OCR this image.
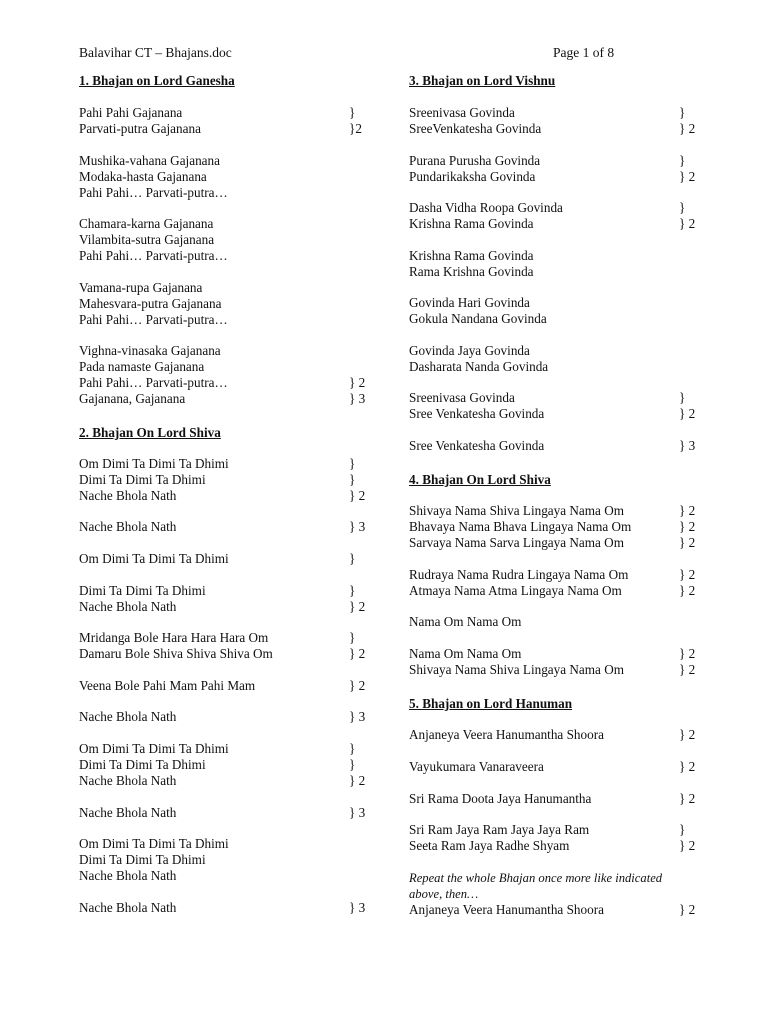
Balavihar CT – Bhajans.doc	Page 1 of 8
1. Bhajan on Lord Ganesha
Pahi Pahi Gajanana	}
Parvati-putra Gajanana	}2
Mushika-vahana Gajanana
Modaka-hasta Gajanana
Pahi Pahi… Parvati-putra…
Chamara-karna Gajanana
Vilambita-sutra Gajanana
Pahi Pahi… Parvati-putra…
Vamana-rupa Gajanana
Mahesvara-putra Gajanana
Pahi Pahi… Parvati-putra…
Vighna-vinasaka Gajanana
Pada namaste Gajanana
Pahi Pahi… Parvati-putra…	} 2
Gajanana, Gajanana	} 3
2. Bhajan On Lord Shiva
Om Dimi Ta Dimi Ta Dhimi	}
Dimi Ta Dimi Ta Dhimi	}
Nache Bhola Nath	} 2
Nache Bhola Nath	} 3
Om Dimi Ta Dimi Ta Dhimi	}
Dimi Ta Dimi Ta Dhimi	}
Nache Bhola Nath	} 2
Mridanga Bole Hara Hara Hara Om	}
Damaru Bole Shiva Shiva Shiva Om	} 2
Veena Bole Pahi Mam Pahi Mam	} 2
Nache Bhola Nath	} 3
Om Dimi Ta Dimi Ta Dhimi	}
Dimi Ta Dimi Ta Dhimi	}
Nache Bhola Nath	} 2
Nache Bhola Nath	} 3
Om Dimi Ta Dimi Ta Dhimi
Dimi Ta Dimi Ta Dhimi
Nache Bhola Nath
Nache Bhola Nath	} 3
3. Bhajan on Lord Vishnu
Sreenivasa Govinda	}
SreeVenkatesha Govinda	} 2
Purana Purusha Govinda	}
Pundarikaksha Govinda	} 2
Dasha Vidha Roopa Govinda	}
Krishna Rama Govinda	} 2
Krishna Rama Govinda
Rama Krishna Govinda
Govinda Hari Govinda
Gokula Nandana Govinda
Govinda Jaya Govinda
Dasharata Nanda Govinda
Sreenivasa Govinda	}
Sree Venkatesha Govinda	} 2
Sree Venkatesha Govinda	} 3
4. Bhajan On Lord Shiva
Shivaya Nama Shiva Lingaya Nama Om	} 2
Bhavaya Nama Bhava Lingaya Nama Om	} 2
Sarvaya Nama Sarva Lingaya Nama Om	} 2
Rudraya Nama Rudra Lingaya Nama Om	} 2
Atmaya Nama Atma Lingaya Nama Om	} 2
Nama Om Nama Om
Nama Om Nama Om	} 2
Shivaya Nama Shiva Lingaya Nama Om	} 2
5. Bhajan on Lord Hanuman
Anjaneya Veera Hanumantha Shoora	} 2
Vayukumara Vanaraveera	} 2
Sri Rama Doota Jaya Hanumantha	} 2
Sri Ram Jaya Ram Jaya Jaya Ram	}
Seeta Ram Jaya Radhe Shyam	} 2
Repeat the whole Bhajan once more like indicated
above, then…
Anjaneya Veera Hanumantha Shoora	} 2
